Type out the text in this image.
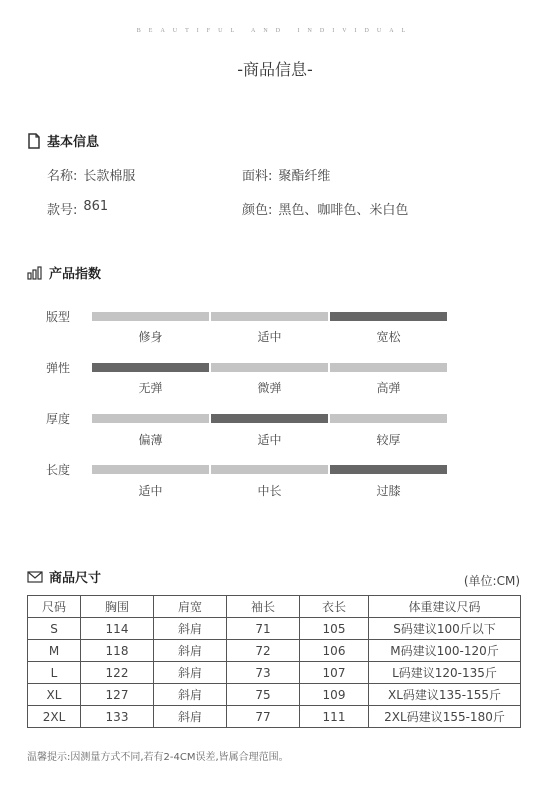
BEAUTIFUL AND INDIVIDUAL
-商品信息-
基本信息
名称: 长款棉服	面料: 聚酯纤维
款号: 861	颜色: 黑色、咖啡色、米白色
产品指数
版型
修身	适中	宽松
弹性
无弹	微弹	高弹
厚度
偏薄	适中	较厚
长度
适中	中长	过膝
商品尺寸	(单位:CM)
尺码	胸围	肩宽	袖长	衣长	体重建议尺码
S	114	斜肩	71	105	S码建议100斤以下
M	118	斜肩	72	106	M码建议100-120斤
L	122	斜肩	73	107	L码建议120-135斤
XL	127	斜肩	75	109	XL码建议135-155斤
2XL	133	斜肩	77	111	2XL码建议155-180斤
温馨提示:因测量方式不同,若有2-4CM误差,皆属合理范围。
